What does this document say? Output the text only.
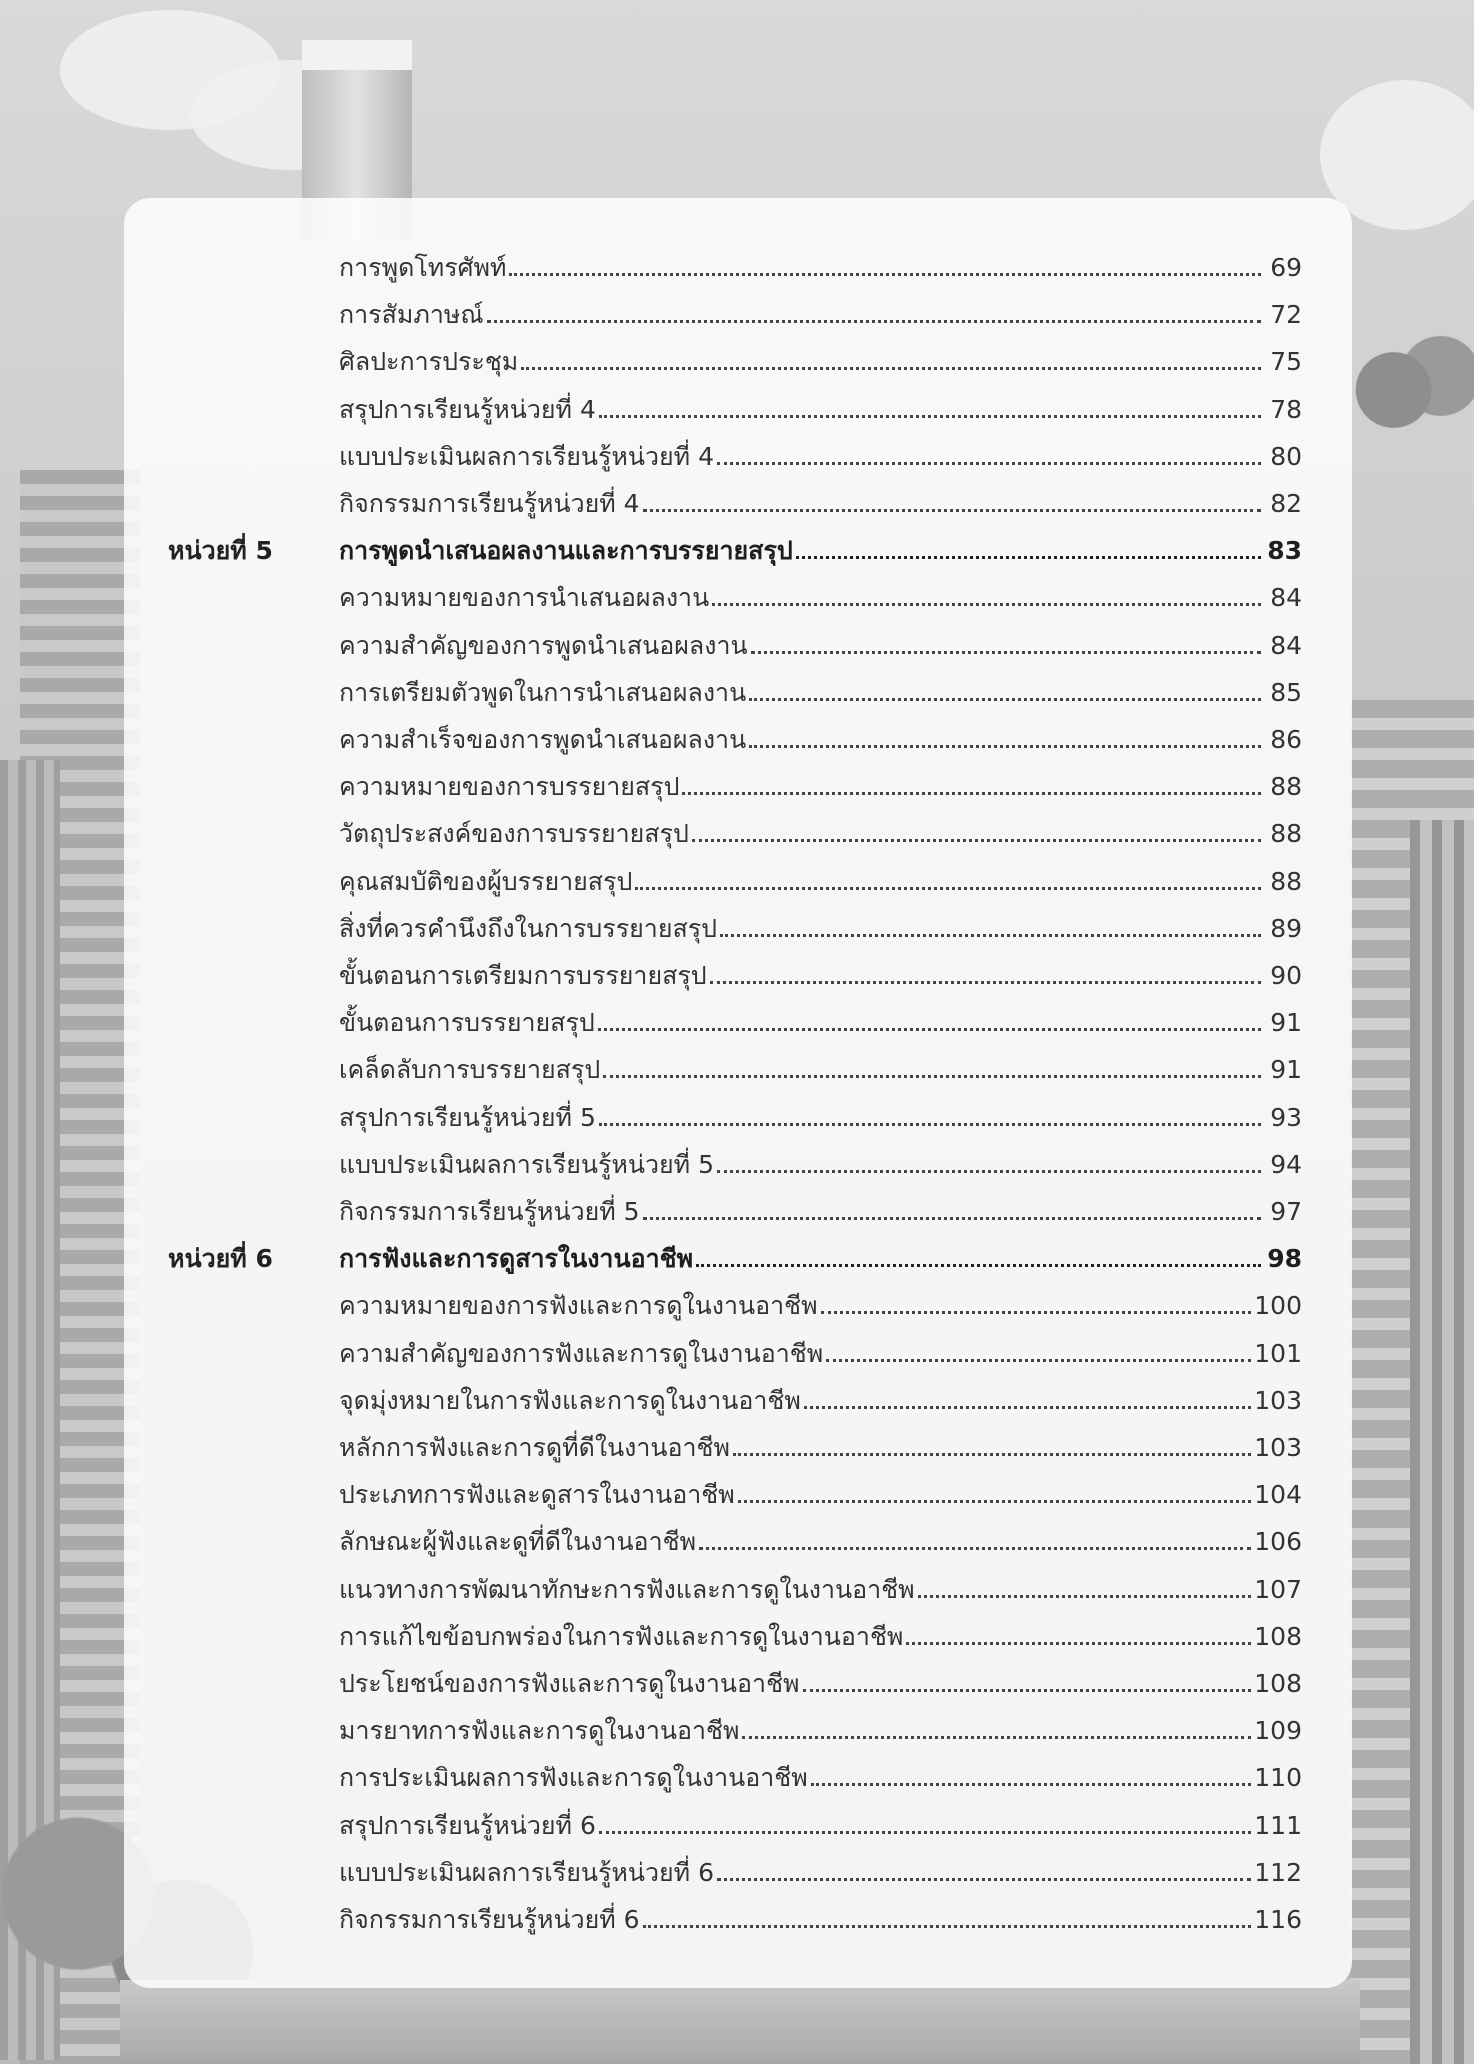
การพูดโทรศัพท์	69
การสัมภาษณ์	72
ศิลปะการประชุม	75
สรุปการเรียนรู้หน่วยที่ 4	78
แบบประเมินผลการเรียนรู้หน่วยที่ 4	80
กิจกรรมการเรียนรู้หน่วยที่ 4	82
หน่วยที่ 5	การพูดนำเสนอผลงานและการบรรยายสรุป	83
ความหมายของการนำเสนอผลงาน	84
ความสำคัญของการพูดนำเสนอผลงาน	84
การเตรียมตัวพูดในการนำเสนอผลงาน	85
ความสำเร็จของการพูดนำเสนอผลงาน	86
ความหมายของการบรรยายสรุป	88
วัตถุประสงค์ของการบรรยายสรุป	88
คุณสมบัติของผู้บรรยายสรุป	88
สิ่งที่ควรคำนึงถึงในการบรรยายสรุป	89
ขั้นตอนการเตรียมการบรรยายสรุป	90
ขั้นตอนการบรรยายสรุป	91
เคล็ดลับการบรรยายสรุป	91
สรุปการเรียนรู้หน่วยที่ 5	93
แบบประเมินผลการเรียนรู้หน่วยที่ 5	94
กิจกรรมการเรียนรู้หน่วยที่ 5	97
หน่วยที่ 6	การฟังและการดูสารในงานอาชีพ	98
ความหมายของการฟังและการดูในงานอาชีพ	100
ความสำคัญของการฟังและการดูในงานอาชีพ	101
จุดมุ่งหมายในการฟังและการดูในงานอาชีพ	103
หลักการฟังและการดูที่ดีในงานอาชีพ	103
ประเภทการฟังและดูสารในงานอาชีพ	104
ลักษณะผู้ฟังและดูที่ดีในงานอาชีพ	106
แนวทางการพัฒนาทักษะการฟังและการดูในงานอาชีพ	107
การแก้ไขข้อบกพร่องในการฟังและการดูในงานอาชีพ	108
ประโยชน์ของการฟังและการดูในงานอาชีพ	108
มารยาทการฟังและการดูในงานอาชีพ	109
การประเมินผลการฟังและการดูในงานอาชีพ	110
สรุปการเรียนรู้หน่วยที่ 6	111
แบบประเมินผลการเรียนรู้หน่วยที่ 6	112
กิจกรรมการเรียนรู้หน่วยที่ 6	116
